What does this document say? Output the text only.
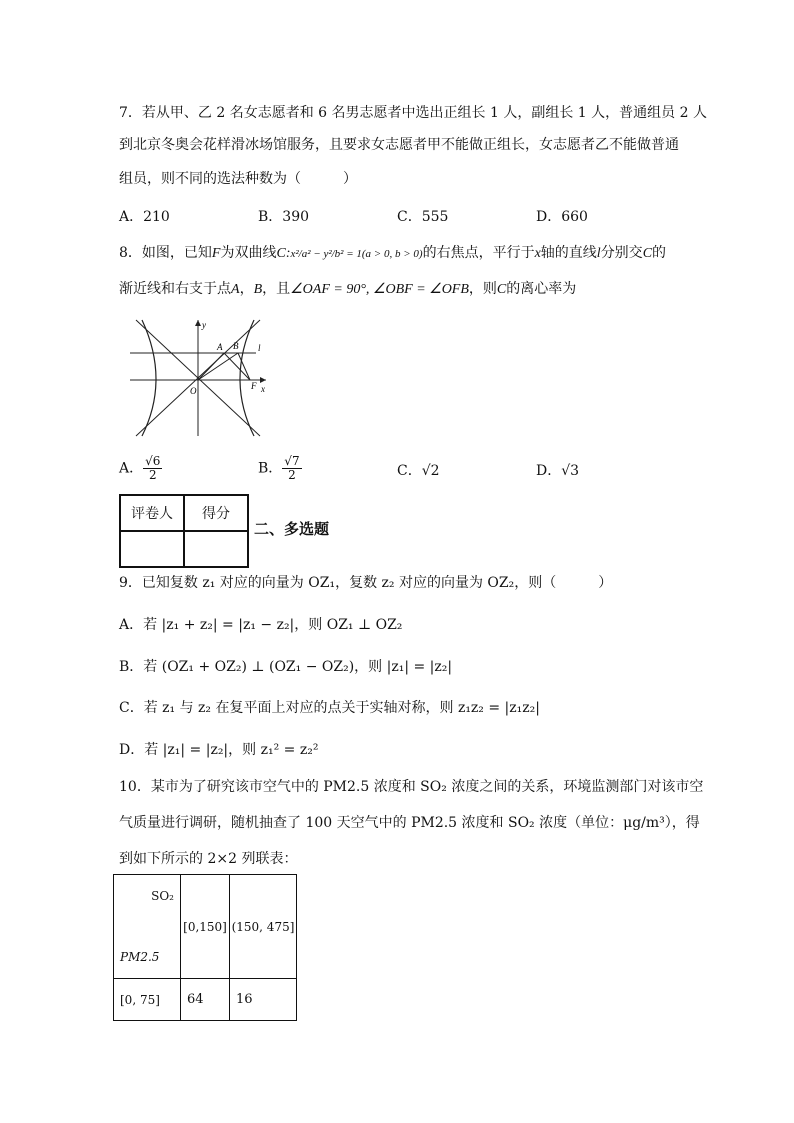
7．若从甲、乙 2 名女志愿者和 6 名男志愿者中选出正组长 1 人，副组长 1 人，普通组员 2 人
到北京冬奥会花样滑冰场馆服务，且要求女志愿者甲不能做正组长，女志愿者乙不能做普通
组员，则不同的选法种数为（　　　）
A．210	B．390	C．555	D．660
8．如图，已知F为双曲线C:x²/a² − y²/b² = 1(a > 0, b > 0)的右焦点，平行于x轴的直线l分别交C的
渐近线和右支于点A，B，且∠OAF = 90°, ∠OBF = ∠OFB，则C的离心率为
y
x
O
A B
F
l
A． $\frac{√6}{2}$	B． $\frac{√7}{2}$	C．√2	D．√3
评卷人	得分

二、多选题
9．已知复数 z₁ 对应的向量为 OZ₁，复数 z₂ 对应的向量为 OZ₂，则（　　　）
A．若 |z₁ + z₂| = |z₁ − z₂|，则 OZ₁ ⊥ OZ₂
B．若 (OZ₁ + OZ₂) ⊥ (OZ₁ − OZ₂)，则 |z₁| = |z₂|
C．若 z₁ 与 z₂ 在复平面上对应的点关于实轴对称，则 z₁z₂ = |z₁z₂|
D．若 |z₁| = |z₂|，则 z₁² = z₂²
10．某市为了研究该市空气中的 PM2.5 浓度和 SO₂ 浓度之间的关系，环境监测部门对该市空
气质量进行调研，随机抽查了 100 天空气中的 PM2.5 浓度和 SO₂ 浓度（单位：μg/m³），得
到如下所示的 2×2 列联表：
SO₂
PM2.5	[0,150]	(150, 475]
[0, 75]	64	16
